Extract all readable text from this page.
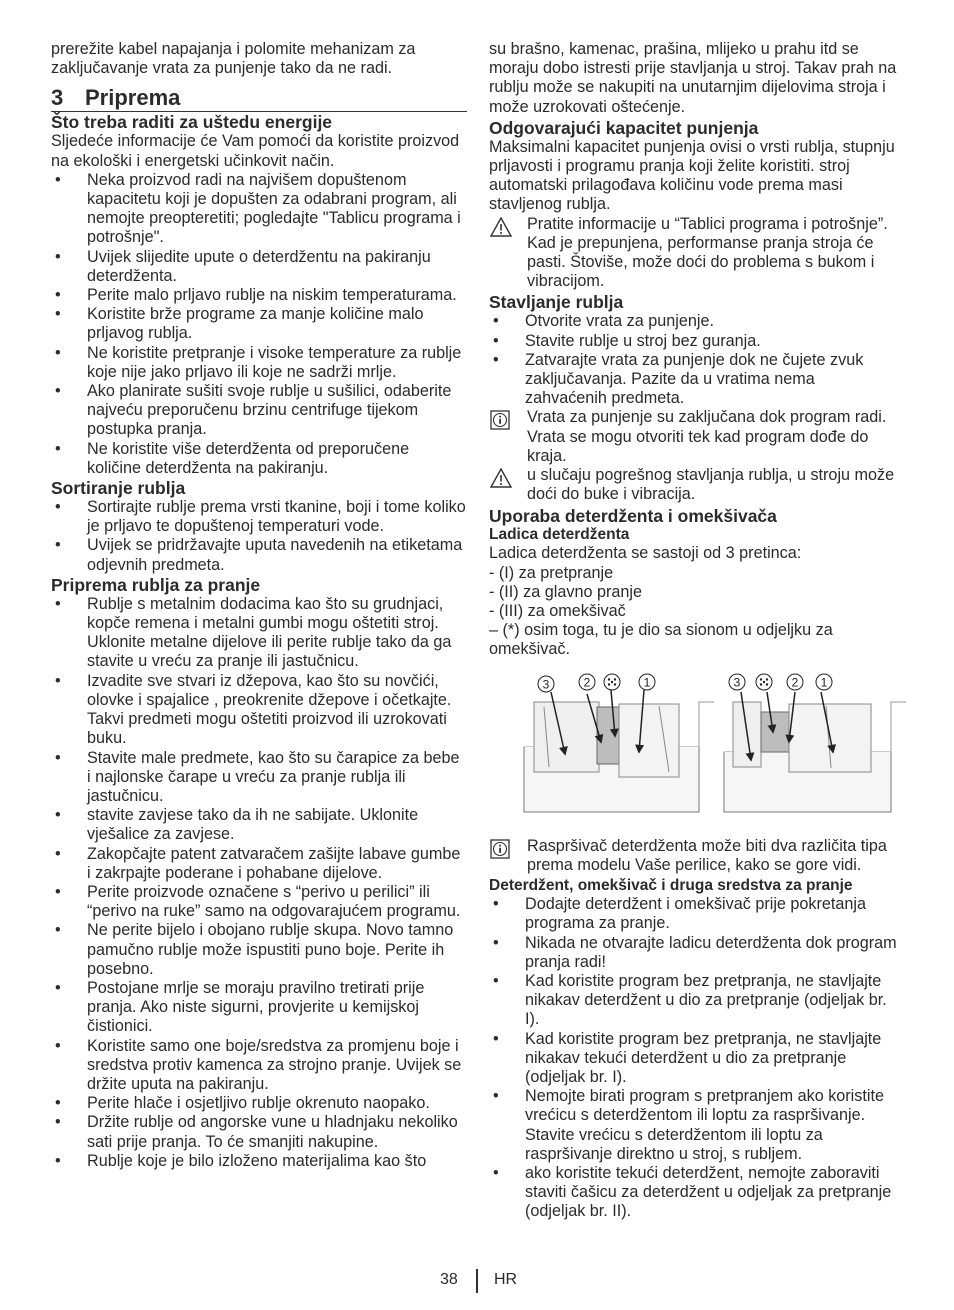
prerežite kabel napajanja i polomite mehanizam za zaključavanje vrata za punjenje tako da ne radi.

3 Priprema
Što treba raditi za uštedu energije

Sljedeće informacije će Vam pomoći da koristite proizvod na ekološki i energetski učinkovit način.

• Neka proizvod radi na najvišem dopuštenom kapacitetu koji je dopušten za odabrani program, ali nemojte preopteretiti; pogledajte "Tablicu programa i potrošnje".
• Uvijek slijedite upute o deterdžentu na pakiranju deterdženta.
• Perite malo prljavo rublje na niskim temperaturama.
• Koristite brže programe za manje količine malo prljavog rublja.
• Ne koristite pretpranje i visoke temperature za rublje koje nije jako prljavo ili koje ne sadrži mrlje.
• Ako planirate sušiti svoje rublje u sušilici, odaberite najveću preporučenu brzinu centrifuge tijekom postupka pranja.
• Ne koristite više deterdženta od preporučene količine deterdženta na pakiranju.
Sortiranje rublja
• Sortirajte rublje prema vrsti tkanine, boji i tome koliko je prljavo te dopuštenoj temperaturi vode.
• Uvijek se pridržavajte uputa navedenih na etiketama odjevnih predmeta.
Priprema rublja za pranje
• Rublje s metalnim dodacima kao što su grudnjaci, kopče remena i metalni gumbi mogu oštetiti stroj. Uklonite metalne dijelove ili perite rublje tako da ga stavite u vreću za pranje ili jastučnicu.
• Izvadite sve stvari iz džepova, kao što su novčići, olovke i spajalice , preokrenite džepove i očetkajte. Takvi predmeti mogu oštetiti proizvod ili uzrokovati buku.
• Stavite male predmete, kao što su čarapice za bebe i najlonske čarape u vreću za pranje rublja ili jastučnicu.
• stavite zavjese tako da ih ne sabijate. Uklonite vješalice za zavjese.
• Zakopčajte patent zatvaračem zašijte labave gumbe i zakrpajte poderane i pohabane dijelove.
• Perite proizvode označene s “perivo u perilici” ili “perivo na ruke” samo na odgovarajućem programu.
• Ne perite bijelo i obojano rublje skupa. Novo tamno pamučno rublje može ispustiti puno boje. Perite ih posebno.
• Postojane mrlje se moraju pravilno tretirati prije pranja. Ako niste sigurni, provjerite u kemijskoj čistionici.
• Koristite samo one boje/sredstva za promjenu boje i sredstva protiv kamenca za strojno pranje. Uvijek se držite uputa na pakiranju.
• Perite hlače i osjetljivo rublje okrenuto naopako.
• Držite rublje od angorske vune u hladnjaku nekoliko sati prije pranja. To će smanjiti nakupine.
• Rublje koje je bilo izloženo materijalima kao što

su brašno, kamenac, prašina, mlijeko u prahu itd se moraju dobo istresti prije stavljanja u stroj. Takav prah na rublju može se nakupiti na unutarnjim dijelovima stroja i može uzrokovati oštećenje.

Odgovarajući kapacitet punjenja

Maksimalni kapacitet punjenja ovisi o vrsti rublja, stupnju prljavosti i programu pranja koji želite koristiti. stroj automatski prilagođava količinu vode prema masi stavljenog rublja.

Pratite informacije u “Tablici programa i potrošnje”. Kad je prepunjena, performanse pranja stroja će pasti. Štoviše, može doći do problema s bukom i vibracijom.
Stavljanje rublja
• Otvorite vrata za punjenje.
• Stavite rublje u stroj bez guranja.
• Zatvarajte vrata za punjenje dok ne čujete zvuk zaključavanja. Pazite da u vratima nema zahvaćenih predmeta.
Vrata za punjenje su zaključana dok program radi. Vrata se mogu otvoriti tek kad program dođe do kraja.
u slučaju pogrešnog stavljanja rublja, u stroju može doći do buke i vibracija.
Uporaba deterdženta i omekšivača
Ladica deterdženta

Ladica deterdženta se sastoji od 3 pretinca:

- (I) za pretpranje

- (II) za glavno pranje

- (III) za omekšivač

– (*) osim toga, tu je dio sa sionom u odjeljku za omekšivač.

3	2	1	3	2 1
Raspršivač deterdženta može biti dva različita tipa prema modelu Vaše perilice, kako se gore vidi.
Deterdžent, omekšivač i druga sredstva za pranje
• Dodajte deterdžent i omekšivač prije pokretanja programa za pranje.
• Nikada ne otvarajte ladicu deterdženta dok program pranja radi!
• Kad koristite program bez pretpranja, ne stavljajte nikakav deterdžent u dio za pretpranje (odjeljak br. I).
• Kad koristite program bez pretpranja, ne stavljajte nikakav tekući deterdžent u dio za pretpranje (odjeljak br. I).
• Nemojte birati program s pretpranjem ako koristite vrećicu s deterdžentom ili loptu za raspršivanje. Stavite vrećicu s deterdžentom ili loptu za raspršivanje direktno u stroj, s rubljem.
• ako koristite tekući deterdžent, nemojte zaboraviti staviti čašicu za deterdžent u odjeljak za pretpranje (odjeljak br. II).
38 HR
